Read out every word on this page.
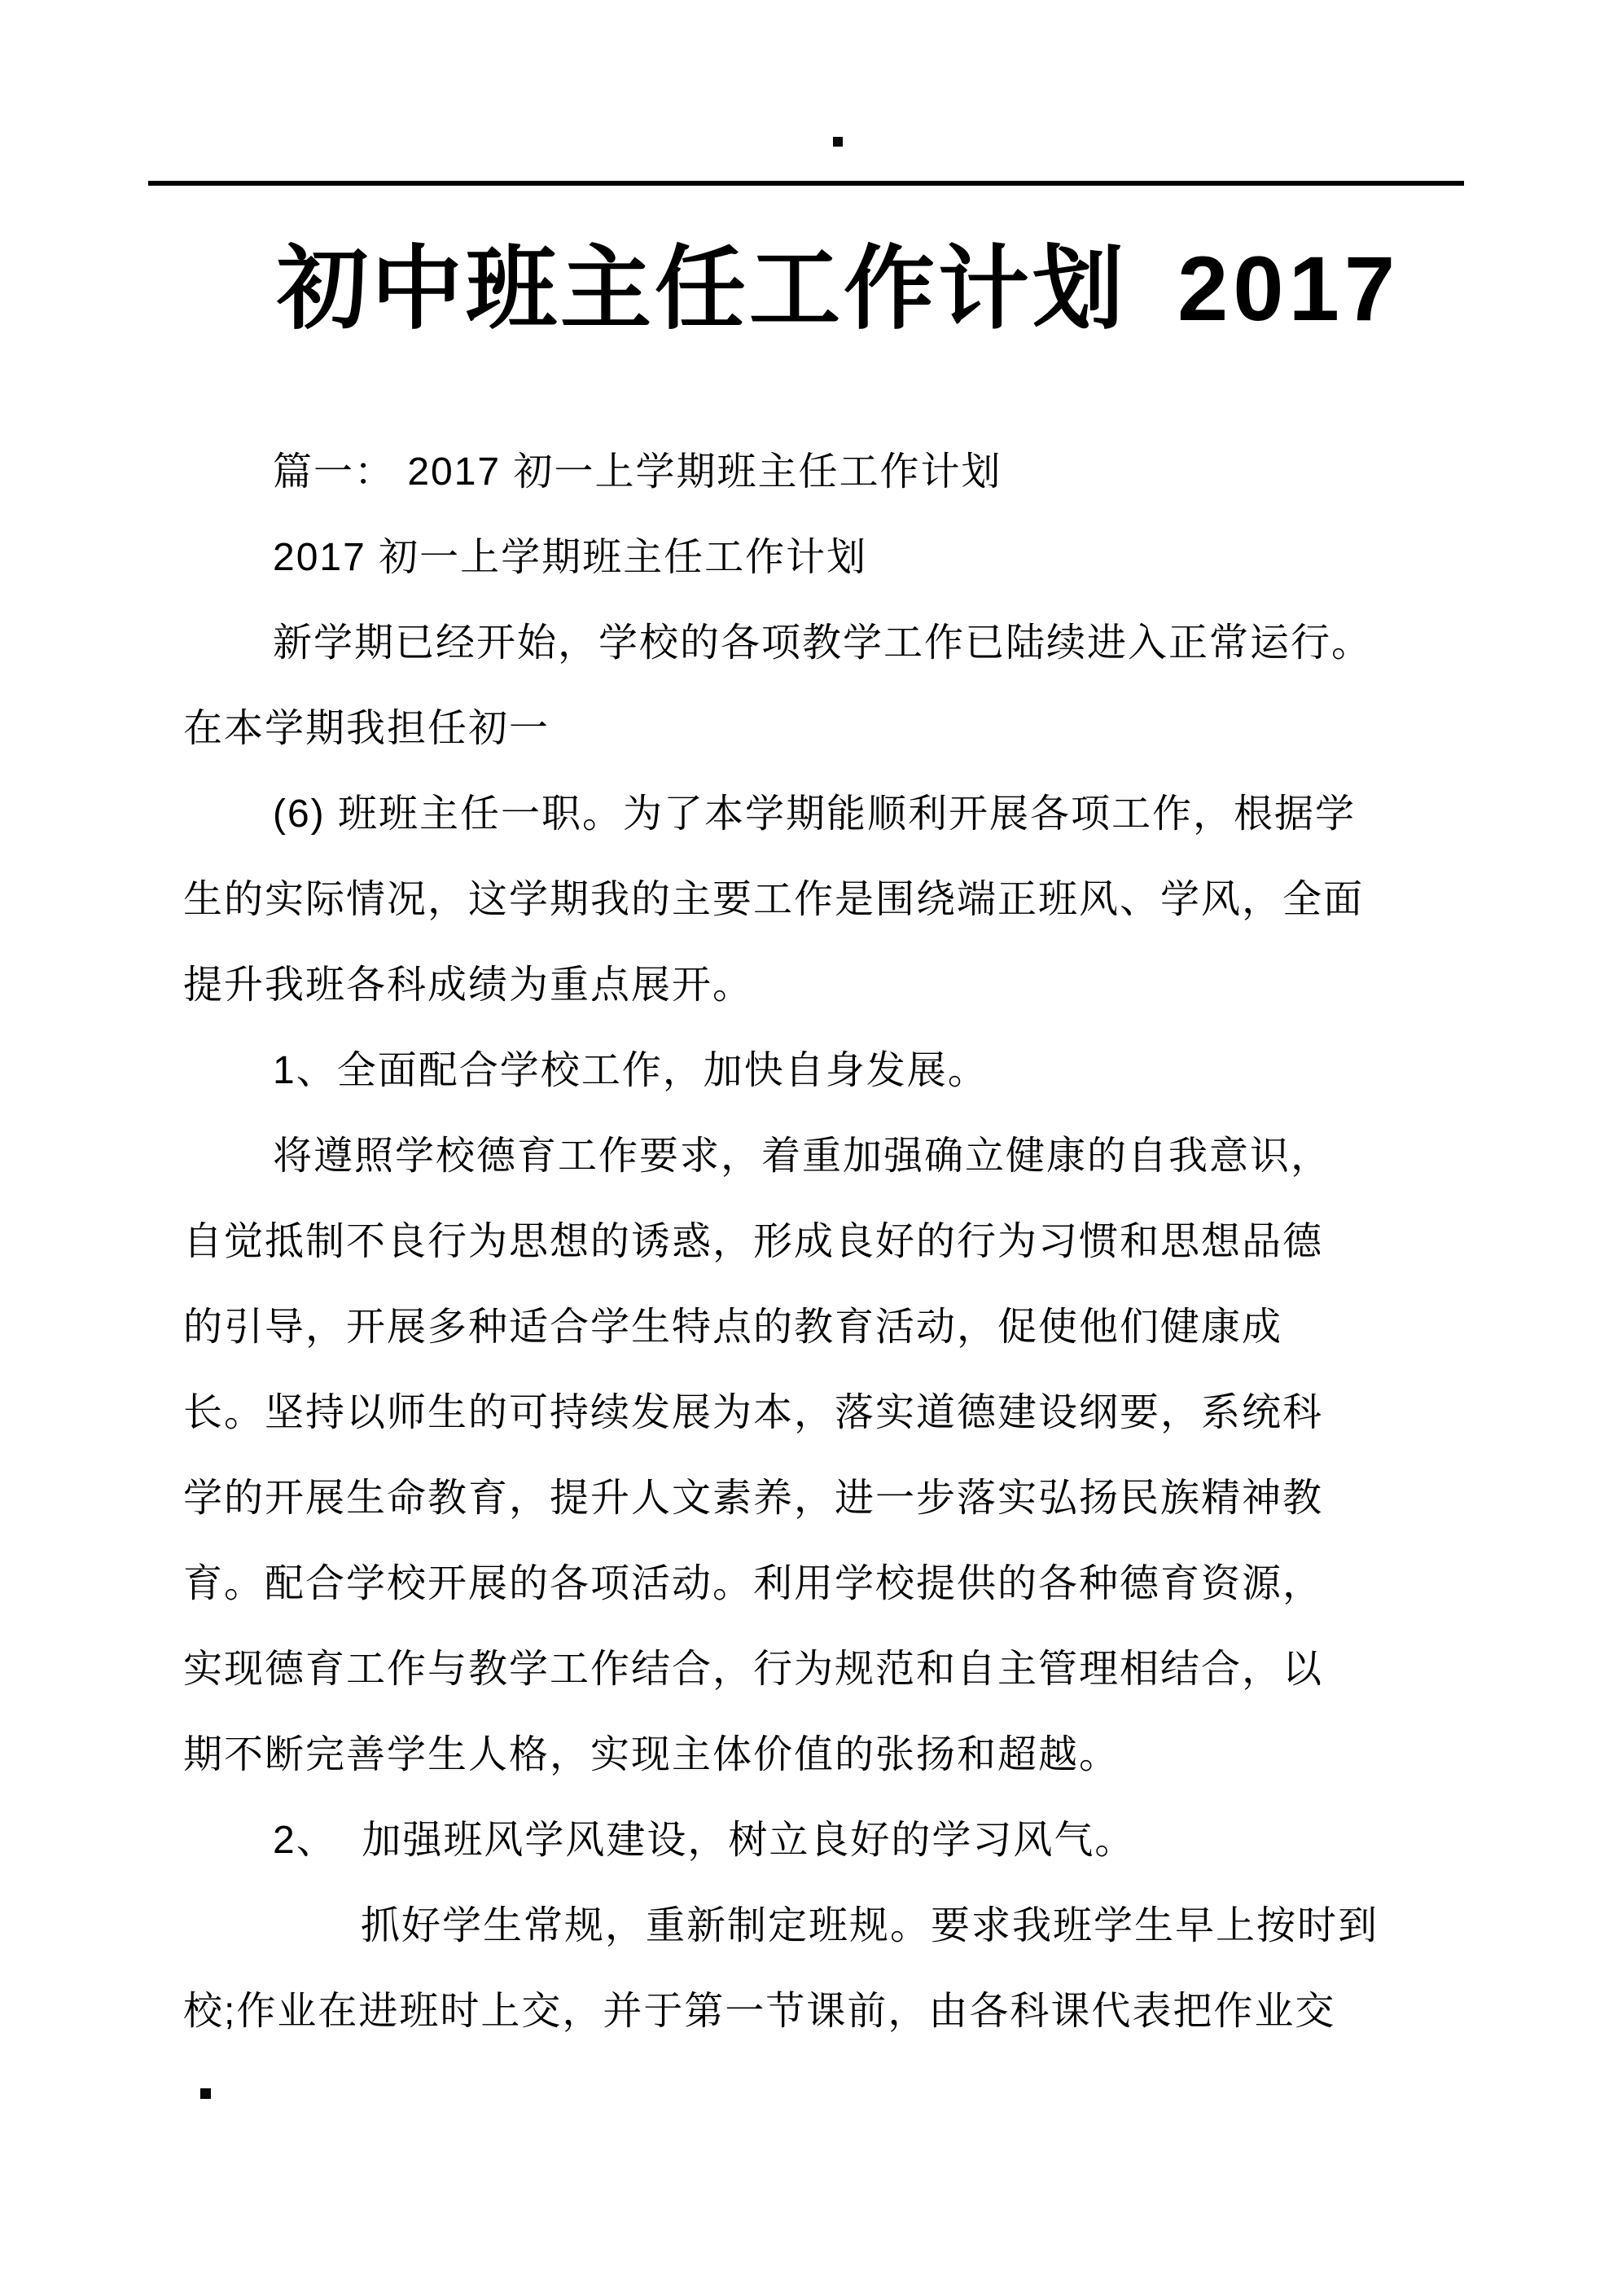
初中班主任工作计划 2017
篇一： 2017 初一上学期班主任工作计划
2017 初一上学期班主任工作计划
新学期已经开始，学校的各项教学工作已陆续进入正常运行。
在本学期我担任初一
(6) 班班主任一职。为了本学期能顺利开展各项工作，根据学
生的实际情况，这学期我的主要工作是围绕端正班风、学风，全面
提升我班各科成绩为重点展开。
1、全面配合学校工作，加快自身发展。
将遵照学校德育工作要求，着重加强确立健康的自我意识，
自觉抵制不良行为思想的诱惑，形成良好的行为习惯和思想品德
的引导，开展多种适合学生特点的教育活动，促使他们健康成
长。坚持以师生的可持续发展为本，落实道德建设纲要，系统科
学的开展生命教育，提升人文素养，进一步落实弘扬民族精神教
育。配合学校开展的各项活动。利用学校提供的各种德育资源，
实现德育工作与教学工作结合，行为规范和自主管理相结合，以
期不断完善学生人格，实现主体价值的张扬和超越。
2、  加强班风学风建设，树立良好的学习风气。
抓好学生常规，重新制定班规。要求我班学生早上按时到
校;作业在进班时上交，并于第一节课前，由各科课代表把作业交
